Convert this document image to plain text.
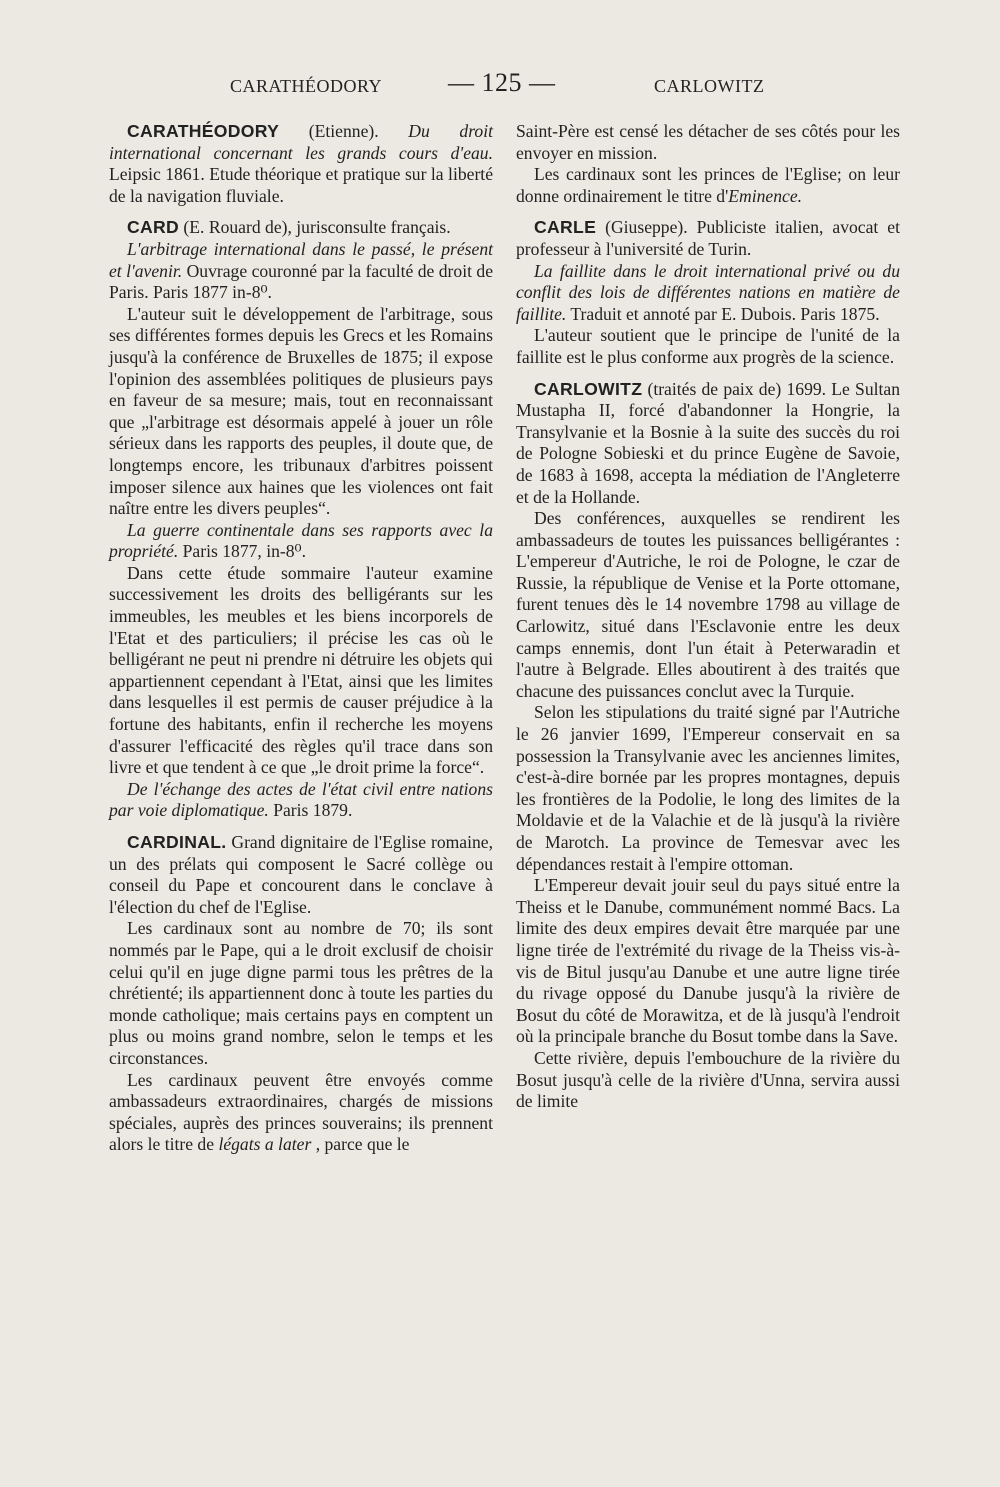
CARATHÉODORY	— 125 —	CARLOWITZ

CARATHÉODORY (Etienne). Du droit international concernant les grands cours d'eau. Leipsic 1861. Etude théorique et pratique sur la liberté de la navigation fluviale.

CARD (E. Rouard de), jurisconsulte français.

L'arbitrage international dans le passé, le présent et l'avenir. Ouvrage couronné par la faculté de droit de Paris. Paris 1877 in-8⁰.

L'auteur suit le développement de l'arbitrage, sous ses différentes formes depuis les Grecs et les Romains jusqu'à la conférence de Bruxelles de 1875; il expose l'opinion des assemblées politiques de plusieurs pays en faveur de sa mesure; mais, tout en reconnaissant que „l'arbitrage est désormais appelé à jouer un rôle sérieux dans les rapports des peuples, il doute que, de longtemps encore, les tribunaux d'arbitres poissent imposer silence aux haines que les violences ont fait naître entre les divers peuples“.

La guerre continentale dans ses rapports avec la propriété. Paris 1877, in-8⁰.

Dans cette étude sommaire l'auteur examine successivement les droits des belligérants sur les immeubles, les meubles et les biens incorporels de l'Etat et des particuliers; il précise les cas où le belligérant ne peut ni prendre ni détruire les objets qui appartiennent cependant à l'Etat, ainsi que les limites dans lesquelles il est permis de causer préjudice à la fortune des habitants, enfin il recherche les moyens d'assurer l'efficacité des règles qu'il trace dans son livre et que tendent à ce que „le droit prime la force“.

De l'échange des actes de l'état civil entre nations par voie diplomatique. Paris 1879.

CARDINAL. Grand dignitaire de l'Eglise romaine, un des prélats qui composent le Sacré collège ou conseil du Pape et concourent dans le conclave à l'élection du chef de l'Eglise.

Les cardinaux sont au nombre de 70; ils sont nommés par le Pape, qui a le droit exclusif de choisir celui qu'il en juge digne parmi tous les prêtres de la chrétienté; ils appartiennent donc à toute les parties du monde catholique; mais certains pays en comptent un plus ou moins grand nombre, selon le temps et les circonstances.

Les cardinaux peuvent être envoyés comme ambassadeurs extraordinaires, chargés de missions spéciales, auprès des princes souverains; ils prennent alors le titre de légats a later , parce que le

Saint-Père est censé les détacher de ses côtés pour les envoyer en mission.

Les cardinaux sont les princes de l'Eglise; on leur donne ordinairement le titre d'Eminence.

CARLE (Giuseppe). Publiciste italien, avocat et professeur à l'université de Turin.

La faillite dans le droit international privé ou du conflit des lois de différentes nations en matière de faillite. Traduit et annoté par E. Dubois. Paris 1875.

L'auteur soutient que le principe de l'unité de la faillite est le plus conforme aux progrès de la science.

CARLOWITZ (traités de paix de) 1699. Le Sultan Mustapha II, forcé d'abandonner la Hongrie, la Transylvanie et la Bosnie à la suite des succès du roi de Pologne Sobieski et du prince Eugène de Savoie, de 1683 à 1698, accepta la médiation de l'Angleterre et de la Hollande.

Des conférences, auxquelles se rendirent les ambassadeurs de toutes les puissances belligérantes : L'empereur d'Autriche, le roi de Pologne, le czar de Russie, la république de Venise et la Porte ottomane, furent tenues dès le 14 novembre 1798 au village de Carlowitz, situé dans l'Esclavonie entre les deux camps ennemis, dont l'un était à Peterwaradin et l'autre à Belgrade. Elles aboutirent à des traités que chacune des puissances conclut avec la Turquie.

Selon les stipulations du traité signé par l'Autriche le 26 janvier 1699, l'Empereur conservait en sa possession la Transylvanie avec les anciennes limites, c'est-à-dire bornée par les propres montagnes, depuis les frontières de la Podolie, le long des limites de la Moldavie et de la Valachie et de là jusqu'à la rivière de Marotch. La province de Temesvar avec les dépendances restait à l'empire ottoman.

L'Empereur devait jouir seul du pays situé entre la Theiss et le Danube, communément nommé Bacs. La limite des deux empires devait être marquée par une ligne tirée de l'extrémité du rivage de la Theiss vis-à-vis de Bitul jusqu'au Danube et une autre ligne tirée du rivage opposé du Danube jusqu'à la rivière de Bosut du côté de Morawitza, et de là jusqu'à l'endroit où la principale branche du Bosut tombe dans la Save.

Cette rivière, depuis l'embouchure de la rivière du Bosut jusqu'à celle de la rivière d'Unna, servira aussi de limite
